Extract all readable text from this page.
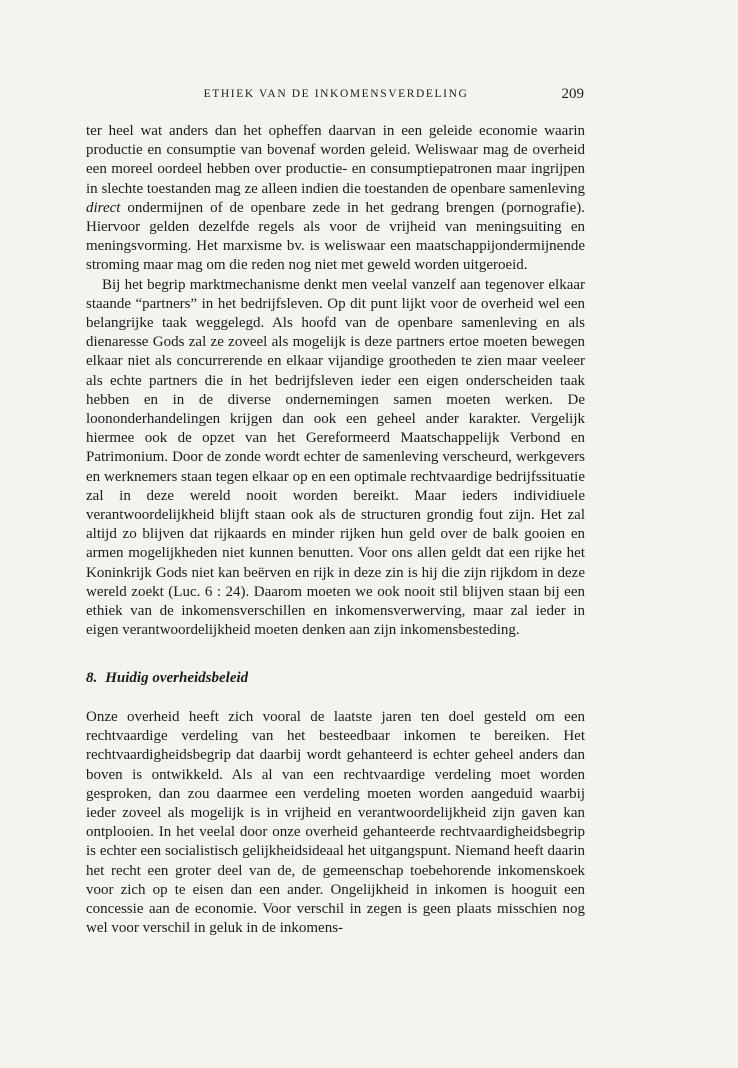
ETHIEK VAN DE INKOMENSVERDELING	209

ter heel wat anders dan het opheffen daarvan in een geleide economie waarin productie en consumptie van bovenaf worden geleid. Weliswaar mag de overheid een moreel oordeel hebben over productie- en consumptiepatronen maar ingrijpen in slechte toestanden mag ze alleen indien die toestanden de openbare samenleving direct ondermijnen of de openbare zede in het gedrang brengen (pornografie). Hiervoor gelden dezelfde regels als voor de vrijheid van meningsuiting en meningsvorming. Het marxisme bv. is weliswaar een maatschappijondermijnende stroming maar mag om die reden nog niet met geweld worden uitgeroeid.

Bij het begrip marktmechanisme denkt men veelal vanzelf aan tegenover elkaar staande “partners” in het bedrijfsleven. Op dit punt lijkt voor de overheid wel een belangrijke taak weggelegd. Als hoofd van de openbare samenleving en als dienaresse Gods zal ze zoveel als mogelijk is deze partners ertoe moeten bewegen elkaar niet als concurrerende en elkaar vijandige grootheden te zien maar veeleer als echte partners die in het bedrijfsleven ieder een eigen onderscheiden taak hebben en in de diverse ondernemingen samen moeten werken. De loononderhandelingen krijgen dan ook een geheel ander karakter. Vergelijk hiermee ook de opzet van het Gereformeerd Maatschappelijk Verbond en Patrimonium. Door de zonde wordt echter de samenleving verscheurd, werkgevers en werknemers staan tegen elkaar op en een optimale rechtvaardige bedrijfssituatie zal in deze wereld nooit worden bereikt. Maar ieders individiuele verantwoordelijkheid blijft staan ook als de structuren grondig fout zijn. Het zal altijd zo blijven dat rijkaards en minder rijken hun geld over de balk gooien en armen mogelijkheden niet kunnen benutten. Voor ons allen geldt dat een rijke het Koninkrijk Gods niet kan beërven en rijk in deze zin is hij die zijn rijkdom in deze wereld zoekt (Luc. 6 : 24). Daarom moeten we ook nooit stil blijven staan bij een ethiek van de inkomensverschillen en inkomensverwerving, maar zal ieder in eigen verantwoordelijkheid moeten denken aan zijn inkomensbesteding.

8. Huidig overheidsbeleid

Onze overheid heeft zich vooral de laatste jaren ten doel gesteld om een rechtvaardige verdeling van het besteedbaar inkomen te bereiken. Het rechtvaardigheidsbegrip dat daarbij wordt gehanteerd is echter geheel anders dan boven is ontwikkeld. Als al van een rechtvaardige verdeling moet worden gesproken, dan zou daarmee een verdeling moeten worden aangeduid waarbij ieder zoveel als mogelijk is in vrijheid en verantwoordelijkheid zijn gaven kan ontplooien. In het veelal door onze overheid gehanteerde rechtvaardigheidsbegrip is echter een socialistisch gelijkheidsideaal het uitgangspunt. Niemand heeft daarin het recht een groter deel van de, de gemeenschap toebehorende inkomenskoek voor zich op te eisen dan een ander. Ongelijkheid in inkomen is hooguit een concessie aan de economie. Voor verschil in zegen is geen plaats misschien nog wel voor verschil in geluk in de inkomens-
